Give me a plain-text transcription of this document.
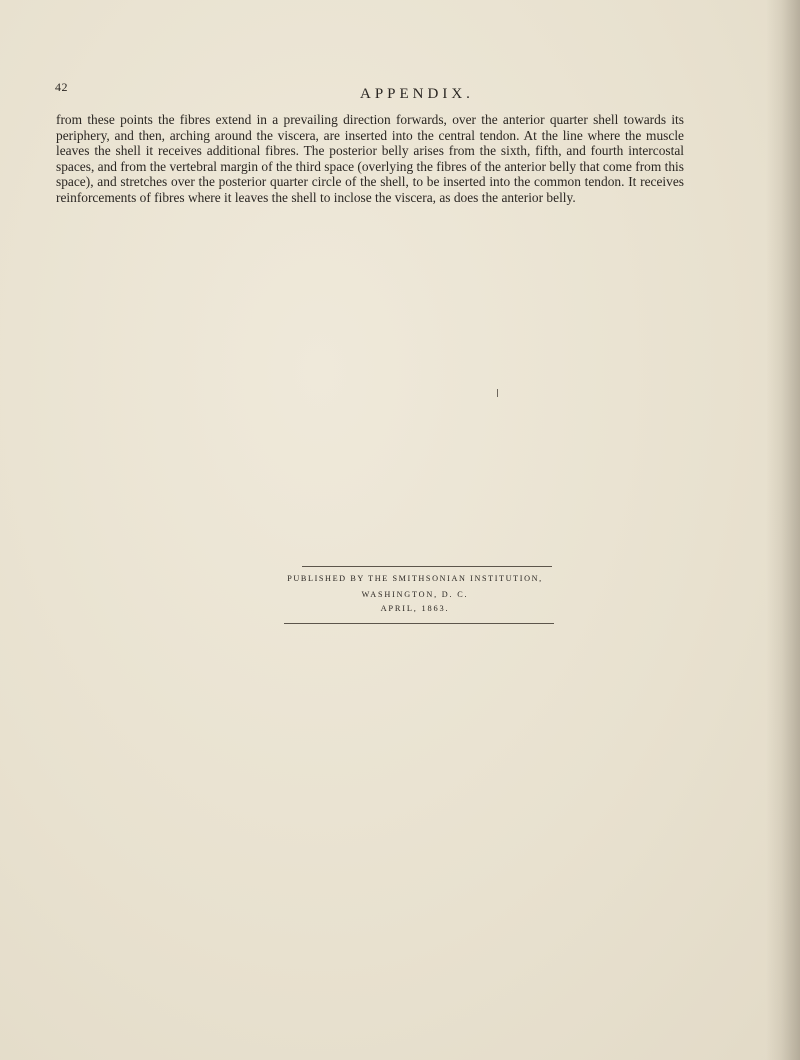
42	APPENDIX.

from these points the fibres extend in a prevailing direction forwards, over the anterior quarter shell towards its periphery, and then, arching around the viscera, are inserted into the central tendon. At the line where the muscle leaves the shell it receives additional fibres. The posterior belly arises from the sixth, fifth, and fourth intercostal spaces, and from the vertebral margin of the third space (overlying the fibres of the anterior belly that come from this space), and stretches over the posterior quarter circle of the shell, to be inserted into the common tendon. It receives reinforcements of fibres where it leaves the shell to inclose the viscera, as does the anterior belly.

PUBLISHED BY THE SMITHSONIAN INSTITUTION,
WASHINGTON, D. C.
APRIL, 1863.
